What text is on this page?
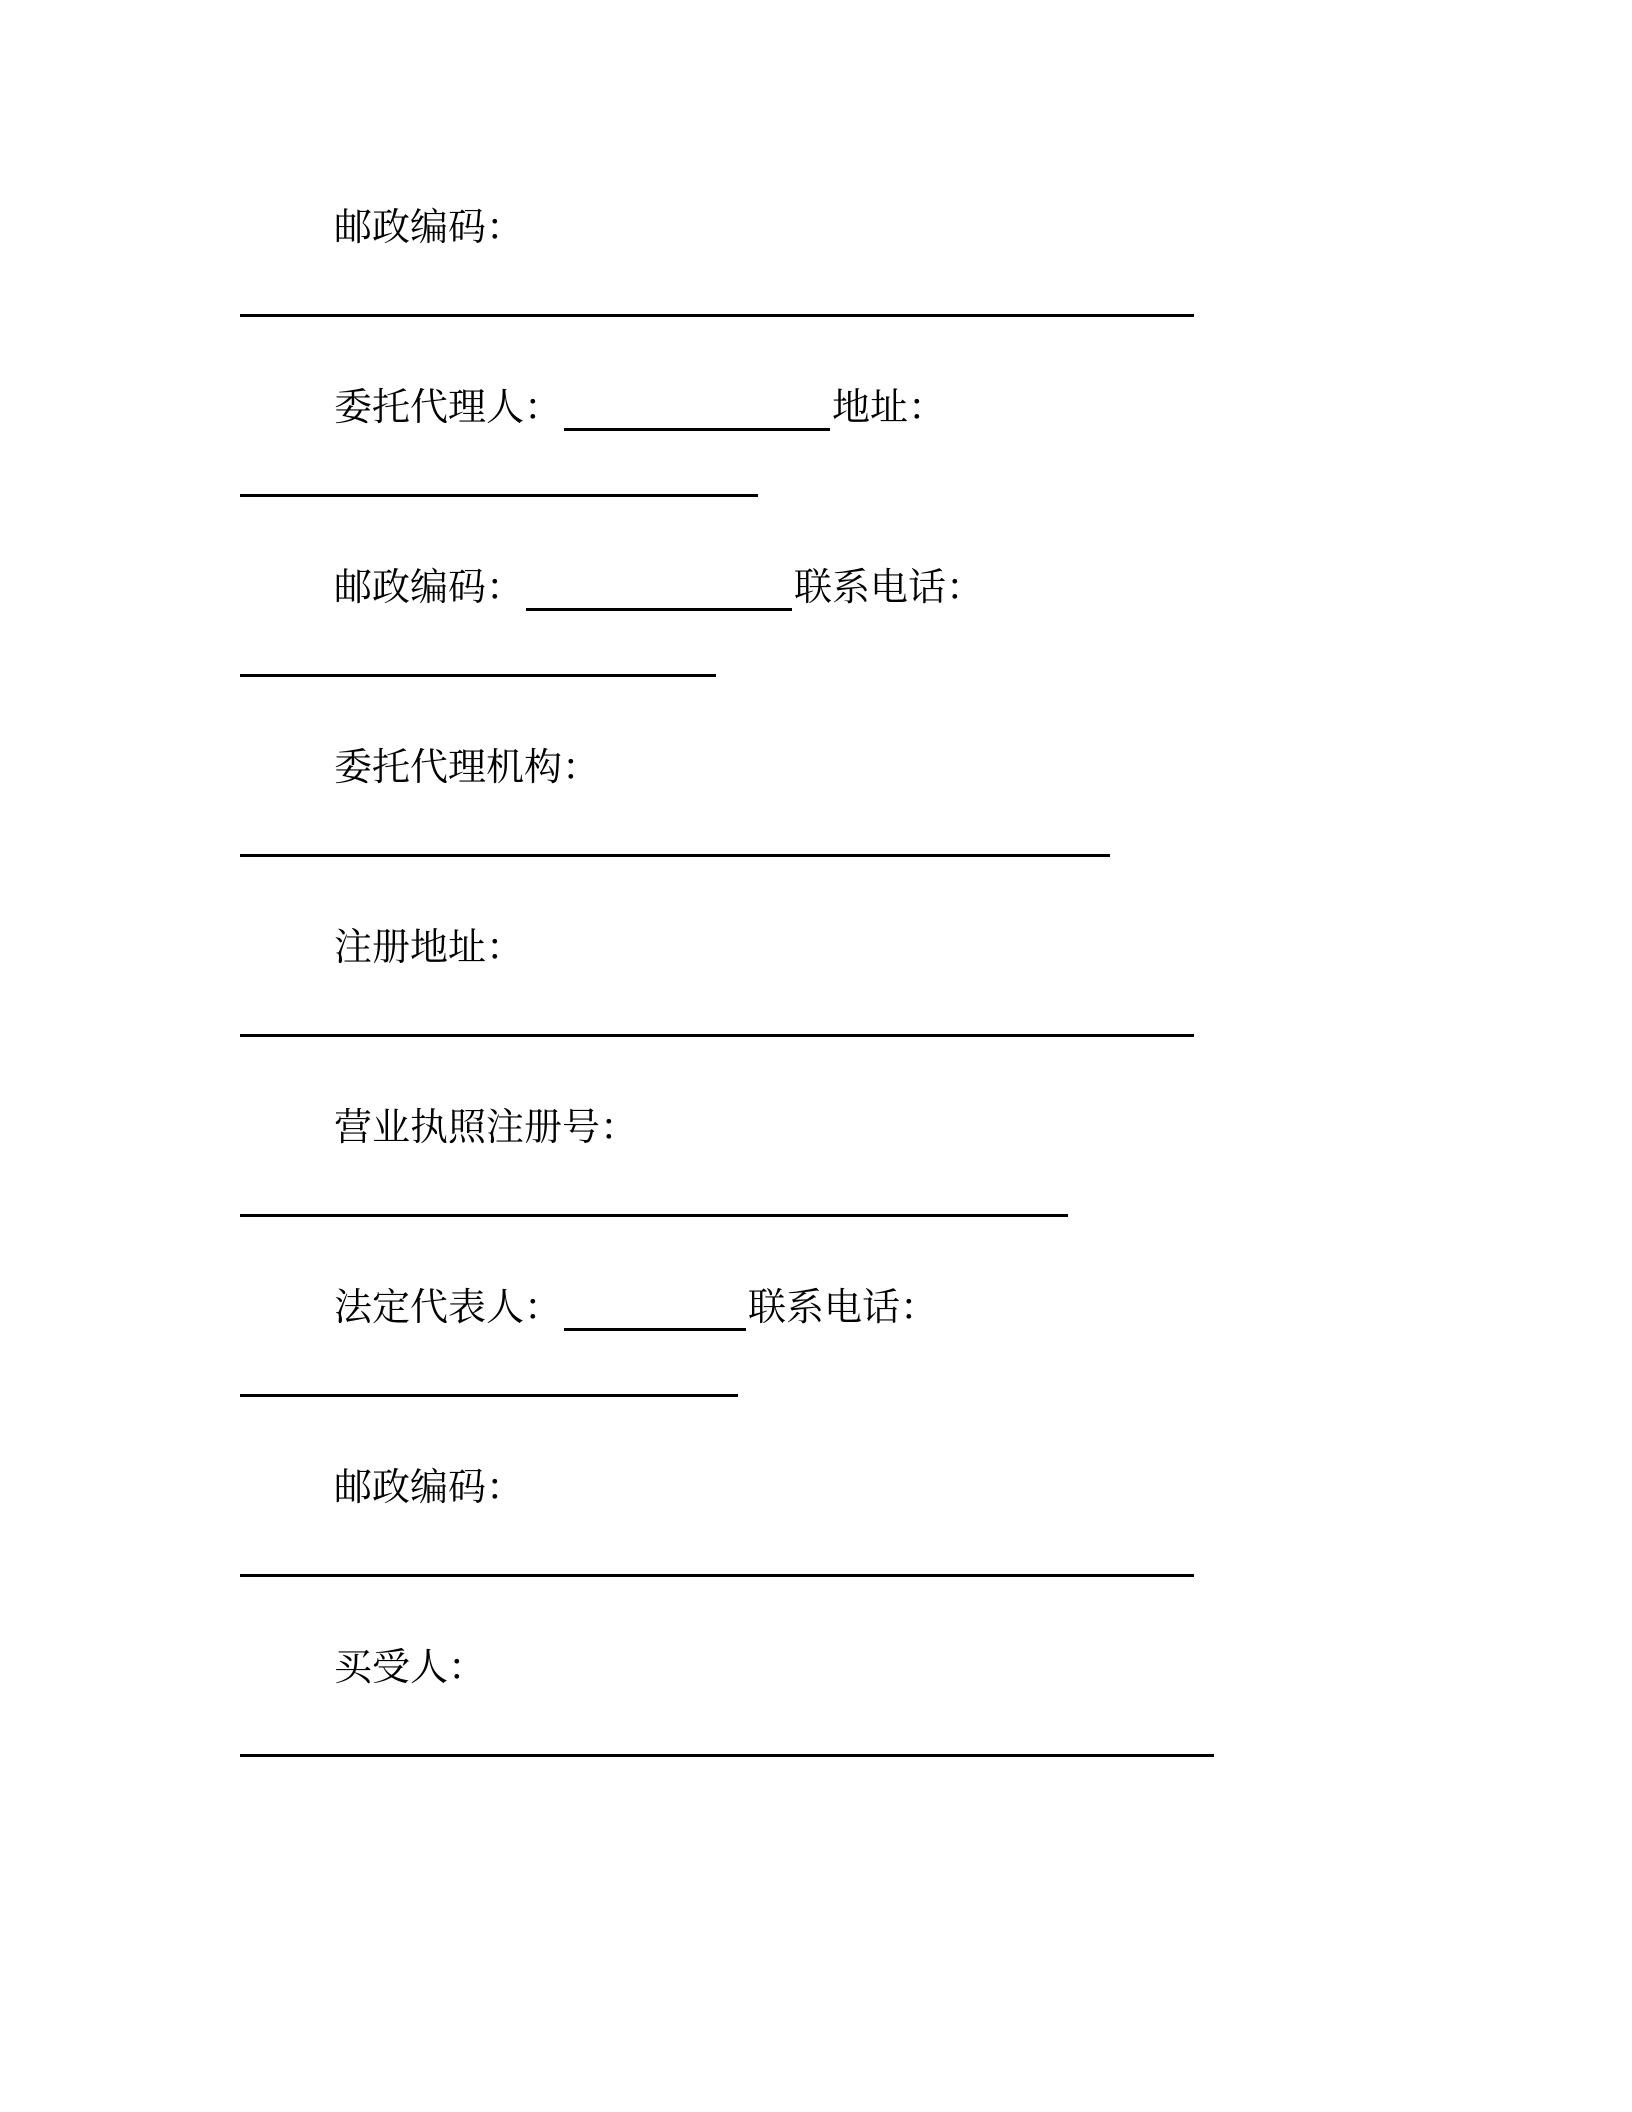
邮政编码：
委托代理人：	地址：
邮政编码：	联系电话：
委托代理机构：
注册地址：
营业执照注册号：
法定代表人：	联系电话：
邮政编码：
买受人：
